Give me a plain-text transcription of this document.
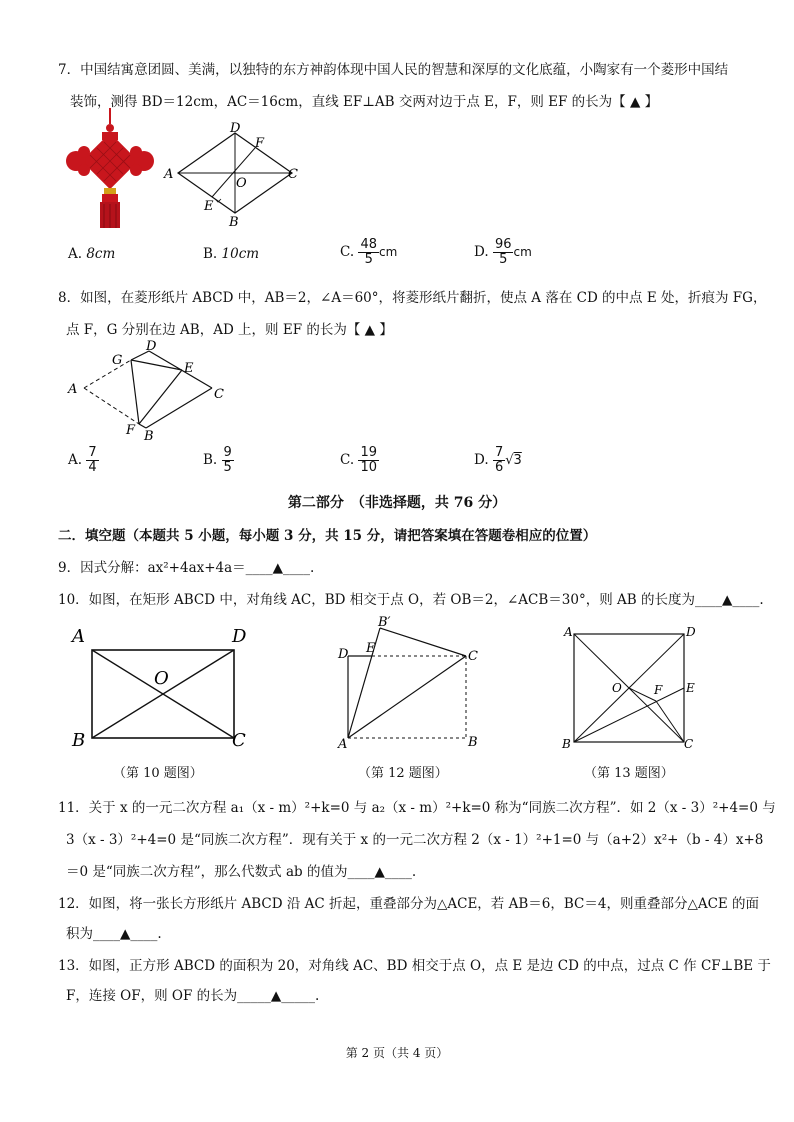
7．中国结寓意团圆、美满，以独特的东方神韵体现中国人民的智慧和深厚的文化底蕴，小陶家有一个菱形中国结
装饰，测得 BD＝12cm，AC＝16cm，直线 EF⊥AB 交两对边于点 E，F，则 EF 的长为【 ▲ 】
D
F
A
O
C
E
B
A. 8cm	B. 10cm	C. $\frac{48}{5}$ cm	D. $\frac{96}{5}$ cm
8．如图，在菱形纸片 ABCD 中，AB＝2，∠A＝60°，将菱形纸片翻折，使点 A 落在 CD 的中点 E 处，折痕为 FG，
点 F，G 分别在边 AB，AD 上，则 EF 的长为【 ▲ 】
D
G
E
A	C
F B
A. $\frac{7}{4}$	B. $\frac{9}{5}$	C. $\frac{19}{10}$	D. $\frac{7}{6} √3$
第二部分　（非选择题，共 76 分）
二．填空题（本题共 5 小题，每小题 3 分，共 15 分，请把答案填在答题卷相应的位置）
9．因式分解：ax²+4ax+4a＝____▲____.
10．如图，在矩形 ABCD 中，对角线 AC，BD 相交于点 O，若 OB＝2，∠ACB＝30°，则 AB 的长度为____▲____.
A	D
O
B	C
（第 10 题图）
B′
D E
C
A	B
（第 12 题图）
A	D
O	F E
B	C
（第 13 题图）
11．关于 x 的一元二次方程 a₁（x - m）²+k=0 与 a₂（x - m）²+k=0 称为“同族二次方程”．如 2（x - 3）²+4=0 与
3（x - 3）²+4=0 是“同族二次方程”．现有关于 x 的一元二次方程 2（x - 1）²+1=0 与（a+2）x²+（b - 4）x+8
＝0 是“同族二次方程”，那么代数式 ab 的值为____▲____.
12．如图，将一张长方形纸片 ABCD 沿 AC 折起，重叠部分为△ACE，若 AB＝6，BC＝4，则重叠部分△ACE 的面
积为____▲____.
13．如图，正方形 ABCD 的面积为 20，对角线 AC、BD 相交于点 O，点 E 是边 CD 的中点，过点 C 作 CF⊥BE 于
F，连接 OF，则 OF 的长为_____▲_____.
第 2 页（共 4 页）
